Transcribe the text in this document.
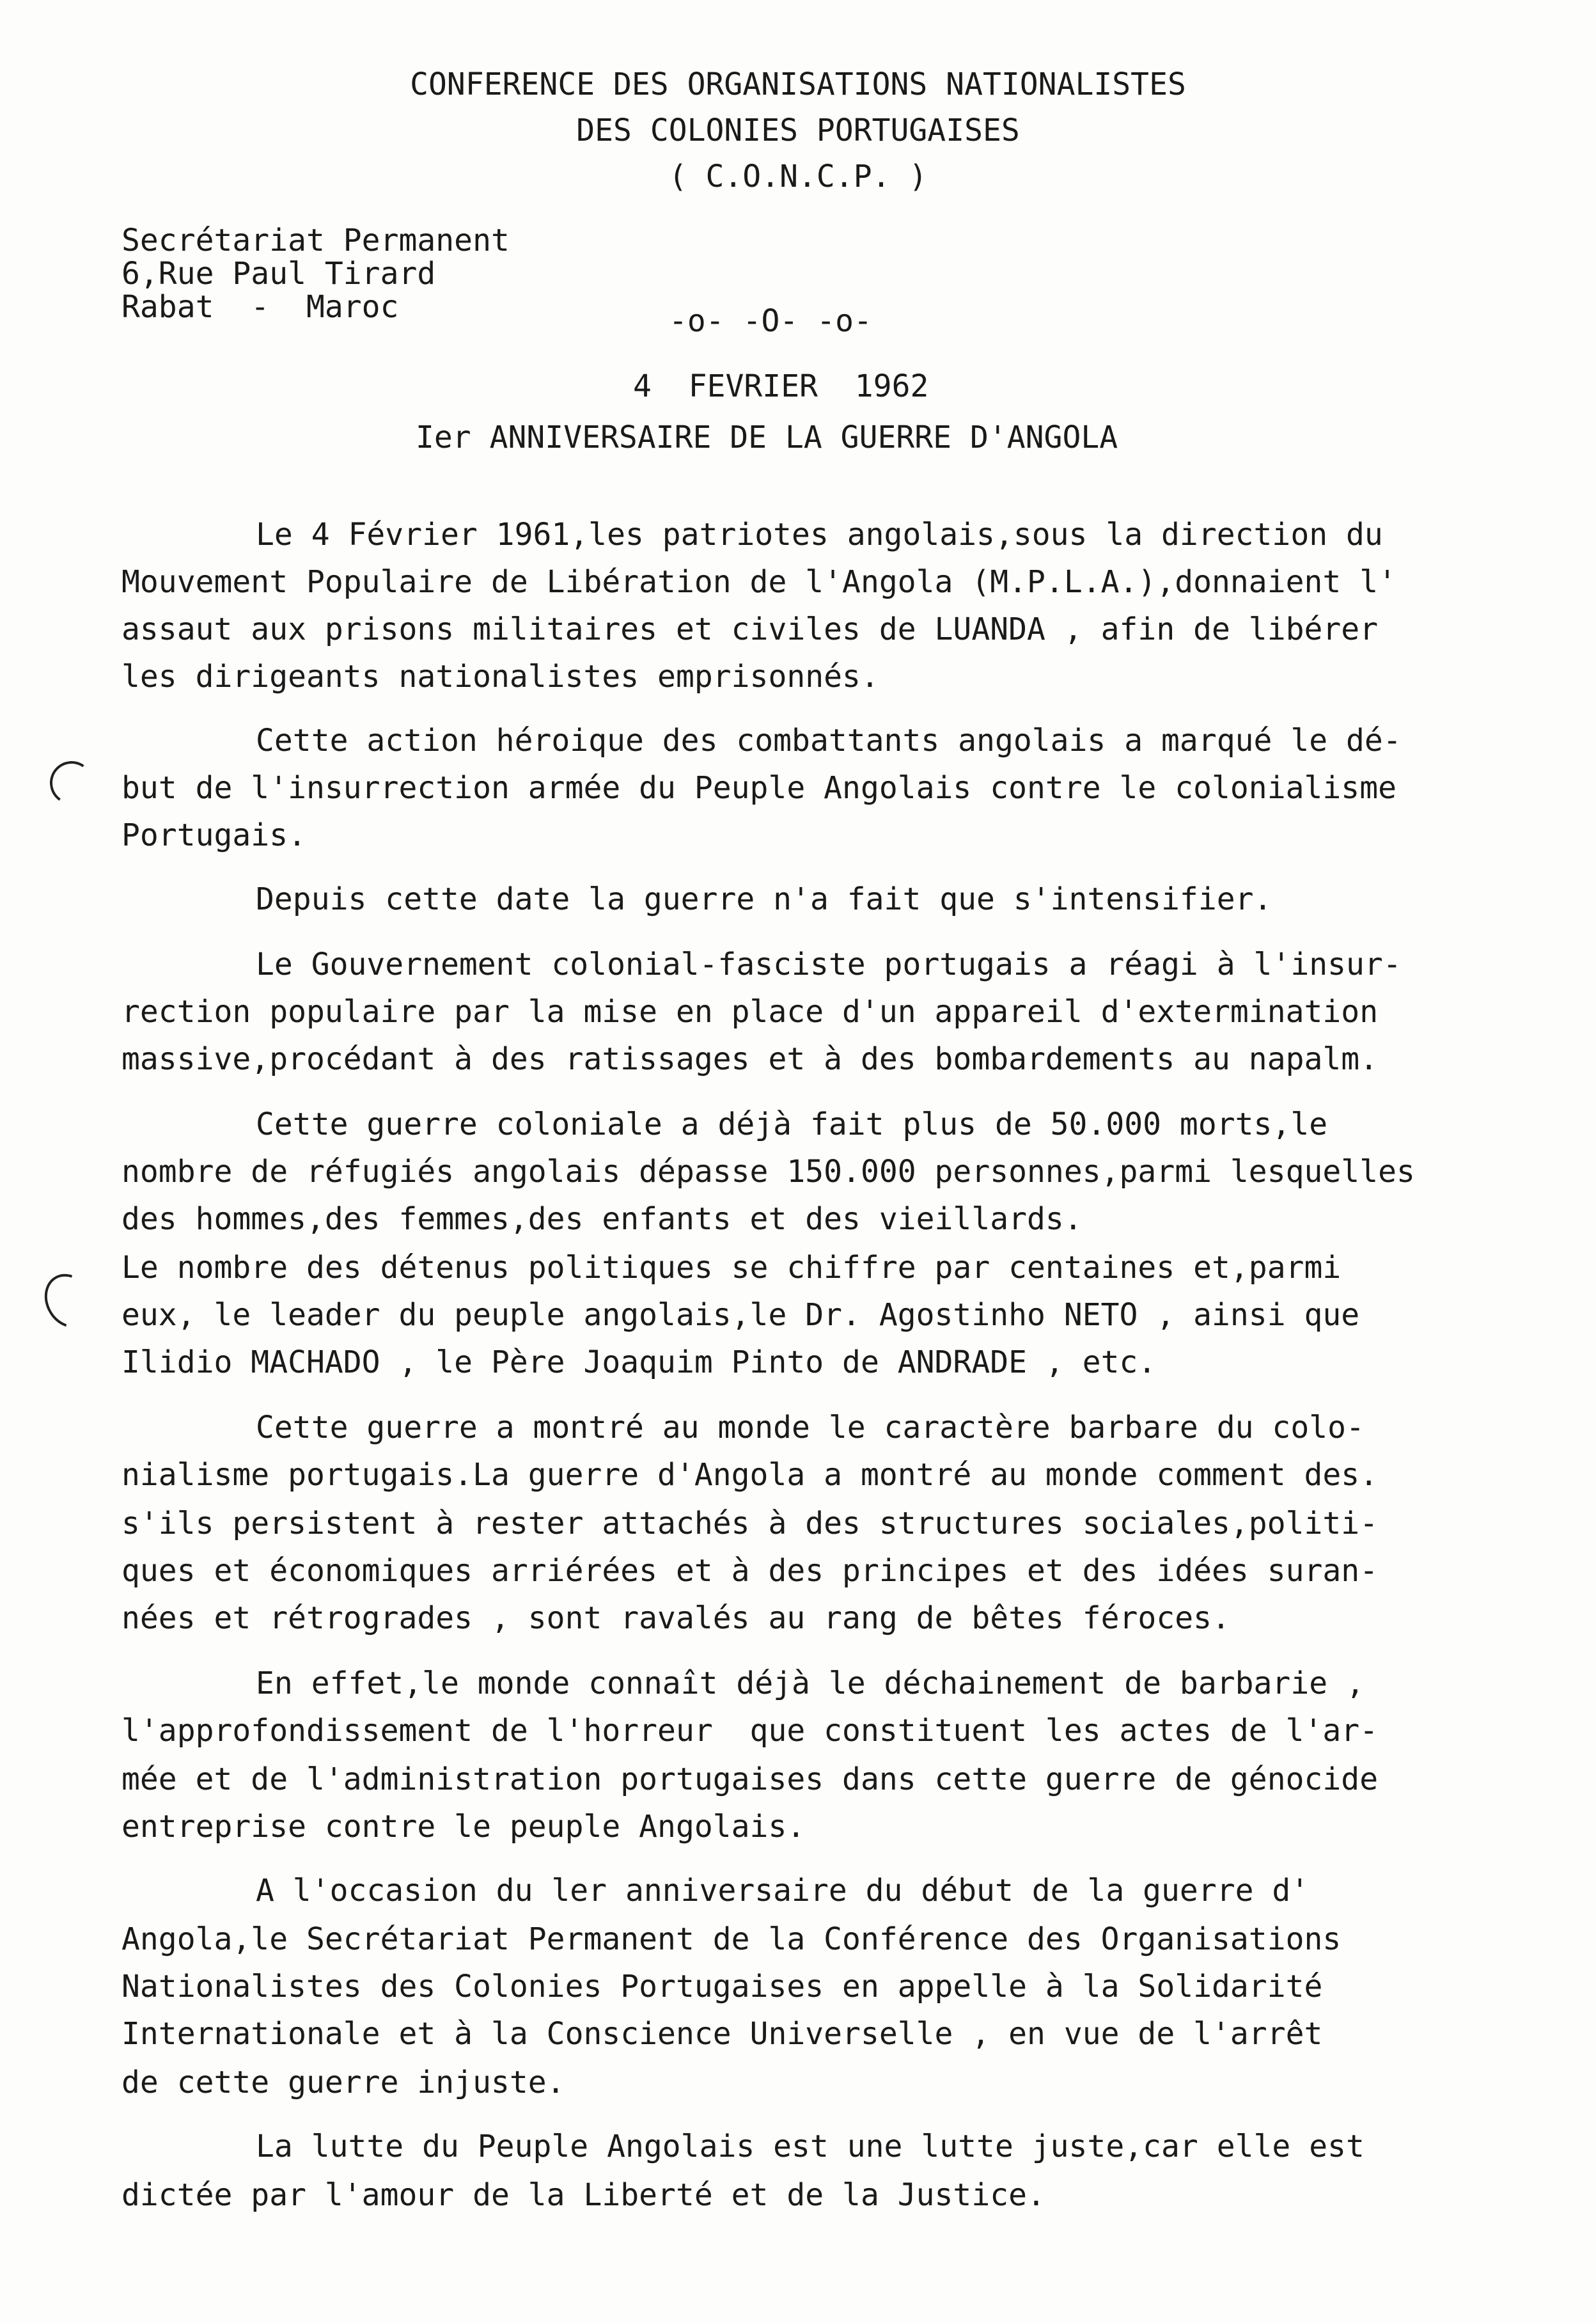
CONFERENCE DES ORGANISATIONS NATIONALISTES
DES COLONIES PORTUGAISES
( C.O.N.C.P. )
Secrétariat Permanent
6,Rue Paul Tirard
Rabat  -  Maroc	-o- -O- -o-
4  FEVRIER  1962
Ier ANNIVERSAIRE DE LA GUERRE D'ANGOLA
Le 4 Février 1961,les patriotes angolais,sous la direction du
Mouvement Populaire de Libération de l'Angola (M.P.L.A.),donnaient l'
assaut aux prisons militaires et civiles de LUANDA , afin de libérer
les dirigeants nationalistes emprisonnés.
Cette action héroique des combattants angolais a marqué le dé-
but de l'insurrection armée du Peuple Angolais contre le colonialisme
Portugais.
Depuis cette date la guerre n'a fait que s'intensifier.
Le Gouvernement colonial-fasciste portugais a réagi à l'insur-
rection populaire par la mise en place d'un appareil d'extermination
massive,procédant à des ratissages et à des bombardements au napalm.
Cette guerre coloniale a déjà fait plus de 50.000 morts,le
nombre de réfugiés angolais dépasse 150.000 personnes,parmi lesquelles
des hommes,des femmes,des enfants et des vieillards.
Le nombre des détenus politiques se chiffre par centaines et,parmi
eux, le leader du peuple angolais,le Dr. Agostinho NETO , ainsi que
Ilidio MACHADO , le Père Joaquim Pinto de ANDRADE , etc.
Cette guerre a montré au monde le caractère barbare du colo-
nialisme portugais.La guerre d'Angola a montré au monde comment des.
s'ils persistent à rester attachés à des structures sociales,politi-
ques et économiques arriérées et à des principes et des idées suran-
nées et rétrogrades , sont ravalés au rang de bêtes féroces.
En effet,le monde connaît déjà le déchainement de barbarie ,
l'approfondissement de l'horreur  que constituent les actes de l'ar-
mée et de l'administration portugaises dans cette guerre de génocide
entreprise contre le peuple Angolais.
A l'occasion du ler anniversaire du début de la guerre d'
Angola,le Secrétariat Permanent de la Conférence des Organisations
Nationalistes des Colonies Portugaises en appelle à la Solidarité
Internationale et à la Conscience Universelle , en vue de l'arrêt
de cette guerre injuste.
La lutte du Peuple Angolais est une lutte juste,car elle est
dictée par l'amour de la Liberté et de la Justice.
